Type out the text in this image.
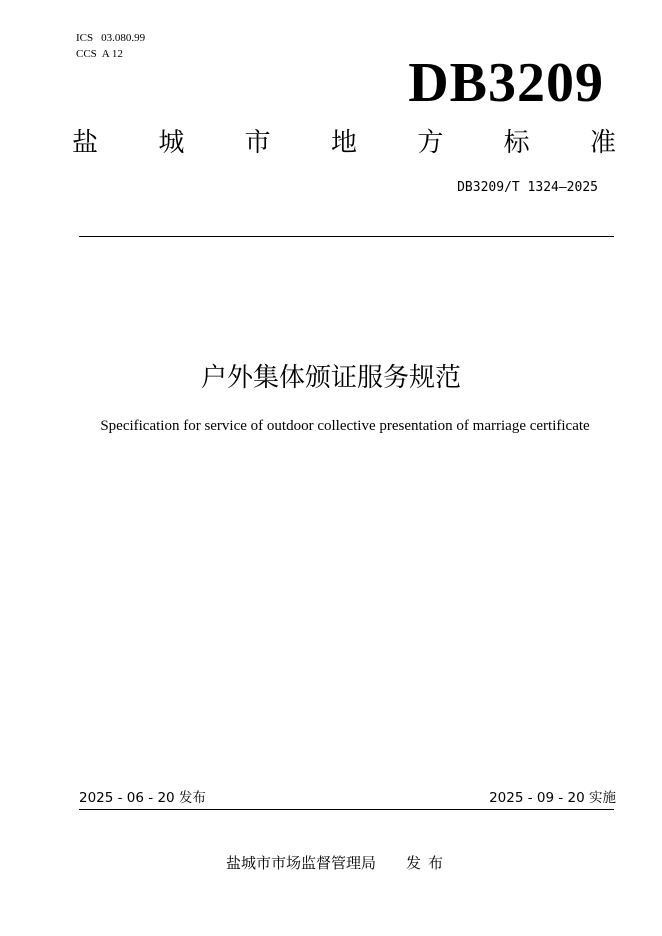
ICS 03.080.99
CCS A 12	DB3209
盐 城 市 地 方 标 准
DB3209/T 1324—2025
户外集体颁证服务规范
Specification for service of outdoor collective presentation of marriage certificate
2025 - 06 - 20 发布	2025 - 09 - 20 实施
盐城市市场监督管理局 发布
